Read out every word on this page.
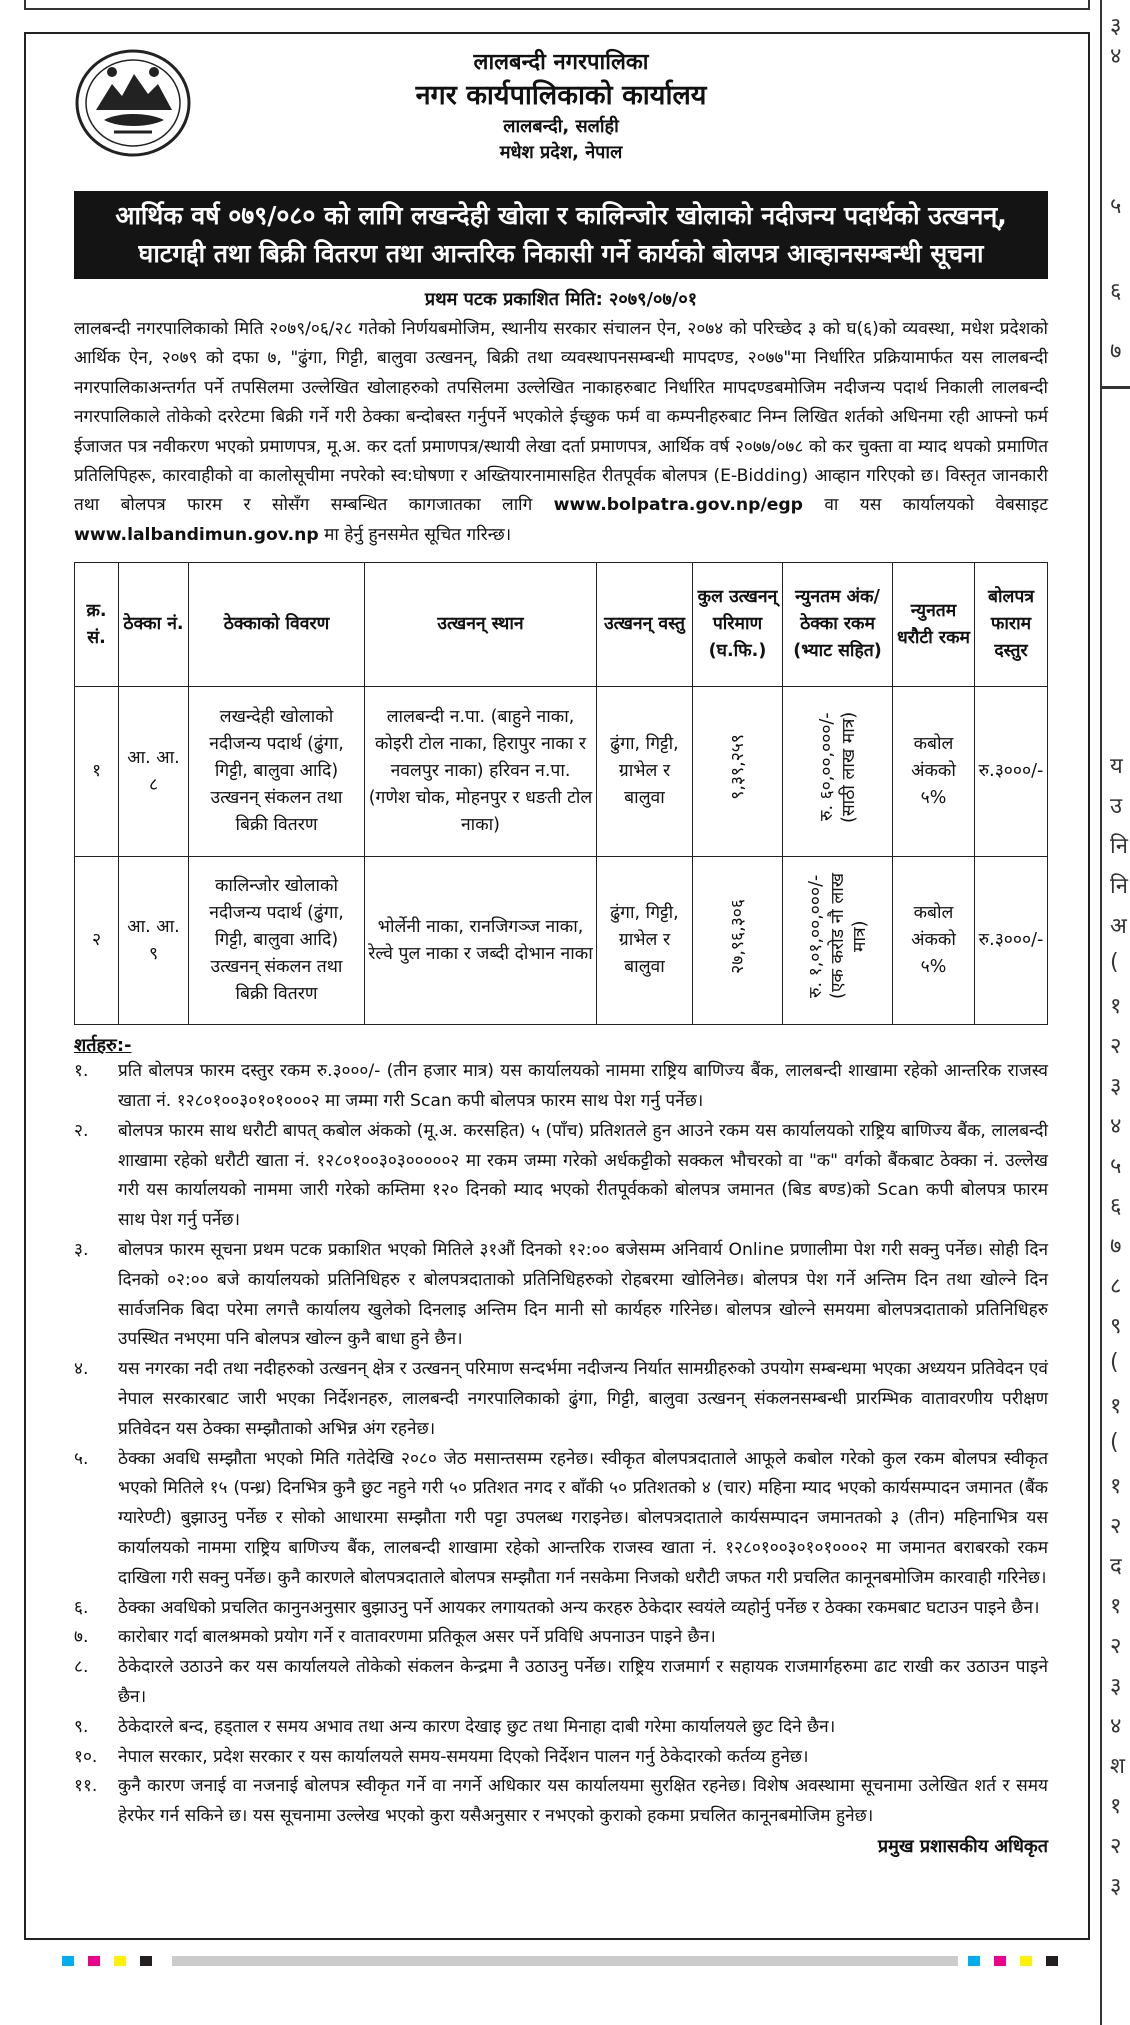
३
४
५
६
७
य
उ
नि
नि
अ
(
१
२
३
४
५
६
७
८
९
(
१
(
१
२
द
१
२
३
४
श
१
२
३
लालबन्दी नगरपालिका
नगर कार्यपालिकाको कार्यालय
लालबन्दी, सर्लाही
मधेश प्रदेश, नेपाल
आर्थिक वर्ष ०७९/०८० को लागि लखन्देही खोला र कालिन्जोर खोलाको नदीजन्य पदार्थको उत्खनन्,
घाटगद्दी तथा बिक्री वितरण तथा आन्तरिक निकासी गर्ने कार्यको बोलपत्र आव्हानसम्बन्धी सूचना
प्रथम पटक प्रकाशित मिति: २०७९/०७/०१

लालबन्दी नगरपालिकाको मिति २०७९/०६/२८ गतेको निर्णयबमोजिम, स्थानीय सरकार संचालन ऐन, २०७४ को परिच्छेद ३ को घ(६)को व्यवस्था, मधेश प्रदेशको आर्थिक ऐन, २०७९ को दफा ७, "ढुंगा, गिट्टी, बालुवा उत्खनन्, बिक्री तथा व्यवस्थापनसम्बन्धी मापदण्ड, २०७७"मा निर्धारित प्रक्रियामार्फत यस लालबन्दी नगरपालिकाअन्तर्गत पर्ने तपसिलमा उल्लेखित खोलाहरुको तपसिलमा उल्लेखित नाकाहरुबाट निर्धारित मापदण्डबमोजिम नदीजन्य पदार्थ निकाली लालबन्दी नगरपालिकाले तोकेको दररेटमा बिक्री गर्ने गरी ठेक्का बन्दोबस्त गर्नुपर्ने भएकोले ईच्छुक फर्म वा कम्पनीहरुबाट निम्न लिखित शर्तको अधिनमा रही आफ्नो फर्म ईजाजत पत्र नवीकरण भएको प्रमाणपत्र, मू.अ. कर दर्ता प्रमाणपत्र/स्थायी लेखा दर्ता प्रमाणपत्र, आर्थिक वर्ष २०७७/०७८ को कर चुक्ता वा म्याद थपको प्रमाणित प्रतिलिपिहरू, कारवाहीको वा कालोसूचीमा नपरेको स्व:घोषणा र अख्तियारनामासहित रीतपूर्वक बोलपत्र (E-Bidding) आव्हान गरिएको छ। विस्तृत जानकारी तथा बोलपत्र फारम र सोसँग सम्बन्धित कागजातका लागि www.bolpatra.gov.np/egp वा यस कार्यालयको वेबसाइट www.lalbandimun.gov.np मा हेर्नु हुनसमेत सूचित गरिन्छ।

क्र. सं.	ठेक्का नं.	ठेक्काको विवरण	उत्खनन् स्थान	उत्खनन् वस्तु	कुल उत्खनन् परिमाण (घ.फि.)	न्युनतम अंक/ठेक्का रकम (भ्याट सहित)	न्युनतम धरौटी रकम	बोलपत्र फाराम दस्तुर
१	आ. आ. ८	लखन्देही खोलाको नदीजन्य पदार्थ (ढुंगा, गिट्टी, बालुवा आदि) उत्खनन् संकलन तथा बिक्री वितरण	लालबन्दी न.पा. (बाहुने नाका, कोइरी टोल नाका, हिरापुर नाका र नवलपुर नाका) हरिवन न.पा. (गणेश चोक, मोहनपुर र धङती टोल नाका)	ढुंगा, गिट्टी, ग्राभेल र बालुवा	९,३९,२५९	रु. ६०,००,०००/- (साठी लाख मात्र)	कबोल अंकको ५%	रु.३०००/-
२	आ. आ. ९	कालिन्जोर खोलाको नदीजन्य पदार्थ (ढुंगा, गिट्टी, बालुवा आदि) उत्खनन् संकलन तथा बिक्री वितरण	भोर्लेनी नाका, रानजिगञ्ज नाका, रेल्वे पुल नाका र जब्दी दोभान नाका	ढुंगा, गिट्टी, ग्राभेल र बालुवा	२७,९६,३०६	रु. १,०१,००,०००/- (एक करोड नौ लाख मात्र)	कबोल अंकको ५%	रु.३०००/-
शर्तहरु:-
१.	प्रति बोलपत्र फारम दस्तुर रकम रु.३०००/- (तीन हजार मात्र) यस कार्यालयको नाममा राष्ट्रिय बाणिज्य बैंक, लालबन्दी शाखामा रहेको आन्तरिक राजस्व खाता नं. १२८०१००३०१०१०००२ मा जम्मा गरी Scan कपी बोलपत्र फारम साथ पेश गर्नु पर्नेछ।
२.	बोलपत्र फारम साथ धरौटी बापत् कबोल अंकको (मू.अ. करसहित) ५ (पाँच) प्रतिशतले हुन आउने रकम यस कार्यालयको राष्ट्रिय बाणिज्य बैंक, लालबन्दी शाखामा रहेको धरौटी खाता नं. १२८०१००३०३०००००२ मा रकम जम्मा गरेको अर्धकट्टीको सक्कल भौचरको वा "क" वर्गको बैंकबाट ठेक्का नं. उल्लेख गरी यस कार्यालयको नाममा जारी गरेको कम्तिमा १२० दिनको म्याद भएको रीतपूर्वकको बोलपत्र जमानत (बिड बण्ड)को Scan कपी बोलपत्र फारम साथ पेश गर्नु पर्नेछ।
३.	बोलपत्र फारम सूचना प्रथम पटक प्रकाशित भएको मितिले ३१औं दिनको १२:०० बजेसम्म अनिवार्य Online प्रणालीमा पेश गरी सक्नु पर्नेछ। सोही दिन दिनको ०२:०० बजे कार्यालयको प्रतिनिधिहरु र बोलपत्रदाताको प्रतिनिधिहरुको रोहबरमा खोलिनेछ। बोलपत्र पेश गर्ने अन्तिम दिन तथा खोल्ने दिन सार्वजनिक बिदा परेमा लगत्तै कार्यालय खुलेको दिनलाइ अन्तिम दिन मानी सो कार्यहरु गरिनेछ। बोलपत्र खोल्ने समयमा बोलपत्रदाताको प्रतिनिधिहरु उपस्थित नभएमा पनि बोलपत्र खोल्न कुनै बाधा हुने छैन।
४.	यस नगरका नदी तथा नदीहरुको उत्खनन् क्षेत्र र उत्खनन् परिमाण सन्दर्भमा नदीजन्य निर्यात सामग्रीहरुको उपयोग सम्बन्धमा भएका अध्ययन प्रतिवेदन एवं नेपाल सरकारबाट जारी भएका निर्देशनहरु, लालबन्दी नगरपालिकाको ढुंगा, गिट्टी, बालुवा उत्खनन् संकलनसम्बन्धी प्रारम्भिक वातावरणीय परीक्षण प्रतिवेदन यस ठेक्का सम्झौताको अभिन्न अंग रहनेछ।
५.	ठेक्का अवधि सम्झौता भएको मिति गतेदेखि २०८० जेठ मसान्तसम्म रहनेछ। स्वीकृत बोलपत्रदाताले आफूले कबोल गरेको कुल रकम बोलपत्र स्वीकृत भएको मितिले १५ (पन्ध्र) दिनभित्र कुनै छुट नहुने गरी ५० प्रतिशत नगद र बाँकी ५० प्रतिशतको ४ (चार) महिना म्याद भएको कार्यसम्पादन जमानत (बैंक ग्यारेण्टी) बुझाउनु पर्नेछ र सोको आधारमा सम्झौता गरी पट्टा उपलब्ध गराइनेछ। बोलपत्रदाताले कार्यसम्पादन जमानतको ३ (तीन) महिनाभित्र यस कार्यालयको नाममा राष्ट्रिय बाणिज्य बैंक, लालबन्दी शाखामा रहेको आन्तरिक राजस्व खाता नं. १२८०१००३०१०१०००२ मा जमानत बराबरको रकम दाखिला गरी सक्नु पर्नेछ। कुनै कारणले बोलपत्रदाताले बोलपत्र सम्झौता गर्न नसकेमा निजको धरौटी जफत गरी प्रचलित कानूनबमोजिम कारवाही गरिनेछ।
६.	ठेक्का अवधिको प्रचलित कानुनअनुसार बुझाउनु पर्ने आयकर लगायतको अन्य करहरु ठेकेदार स्वयंले व्यहोर्नु पर्नेछ र ठेक्का रकमबाट घटाउन पाइने छैन।
७.	कारोबार गर्दा बालश्रमको प्रयोग गर्ने र वातावरणमा प्रतिकूल असर पर्ने प्रविधि अपनाउन पाइने छैन।
८.	ठेकेदारले उठाउने कर यस कार्यालयले तोकेको संकलन केन्द्रमा नै उठाउनु पर्नेछ। राष्ट्रिय राजमार्ग र सहायक राजमार्गहरुमा ढाट राखी कर उठाउन पाइने छैन।
९.	ठेकेदारले बन्द, हड्ताल र समय अभाव तथा अन्य कारण देखाइ छुट तथा मिनाहा दाबी गरेमा कार्यालयले छुट दिने छैन।
१०.	नेपाल सरकार, प्रदेश सरकार र यस कार्यालयले समय-समयमा दिएको निर्देशन पालन गर्नु ठेकेदारको कर्तव्य हुनेछ।
११.	कुनै कारण जनाई वा नजनाई बोलपत्र स्वीकृत गर्ने वा नगर्ने अधिकार यस कार्यालयमा सुरक्षित रहनेछ। विशेष अवस्थामा सूचनामा उलेखित शर्त र समय हेरफेर गर्न सकिने छ। यस सूचनामा उल्लेख भएको कुरा यसैअनुसार र नभएको कुराको हकमा प्रचलित कानूनबमोजिम हुनेछ।
प्रमुख प्रशासकीय अधिकृत
